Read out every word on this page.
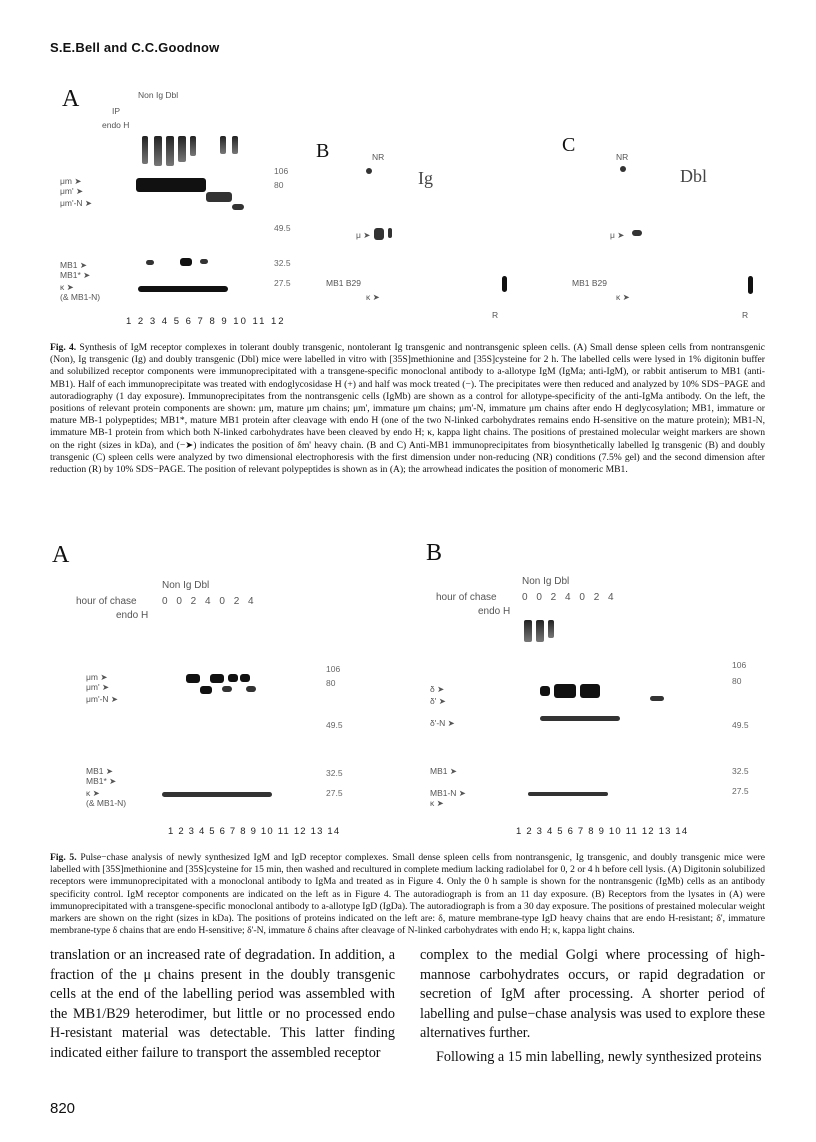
S.E.Bell and C.C.Goodnow
A	Non Ig Dbl
IP
endo H
μm ➤
μm' ➤
μm'-N ➤
MB1 ➤
MB1* ➤
κ ➤
(& MB1-N)
1 2 3 4 5 6 7 8 9 10 11 12
106
80
49.5
32.5
27.5
B	NR
Ig
μ ➤
MB1 B29
κ ➤
R
C
NR
Dbl
μ ➤
MB1 B29
κ ➤
R
Fig. 4. Synthesis of IgM receptor complexes in tolerant doubly transgenic, nontolerant Ig transgenic and nontransgenic spleen cells. (A) Small dense spleen cells from nontransgenic (Non), Ig transgenic (Ig) and doubly transgenic (Dbl) mice were labelled in vitro with [35S]methionine and [35S]cysteine for 2 h. The labelled cells were lysed in 1% digitonin buffer and solubilized receptor components were immunoprecipitated with a transgene-specific monoclonal antibody to a-allotype IgM (IgMa; anti-IgM), or rabbit antiserum to MB1 (anti-MB1). Half of each immunoprecipitate was treated with endoglycosidase H (+) and half was mock treated (−). The precipitates were then reduced and analyzed by 10% SDS−PAGE and autoradiography (1 day exposure). Immunoprecipitates from the nontransgenic cells (IgMb) are shown as a control for allotype-specificity of the anti-IgMa antibody. On the left, the positions of relevant protein components are shown: μm, mature μm chains; μm', immature μm chains; μm'-N, immature μm chains after endo H deglycosylation; MB1, immature or mature MB-1 polypeptides; MB1*, mature MB1 protein after cleavage with endo H (one of the two N-linked carbohydrates remains endo H-sensitive on the mature protein); MB1-N, immature MB-1 protein from which both N-linked carbohydrates have been cleaved by endo H; κ, kappa light chains. The positions of prestained molecular weight markers are shown on the right (sizes in kDa), and (−➤) indicates the position of δm' heavy chain. (B and C) Anti-MB1 immunoprecipitates from biosynthetically labelled Ig transgenic (B) and doubly transgenic (C) spleen cells were analyzed by two dimensional electrophoresis with the first dimension under non-reducing (NR) conditions (7.5% gel) and the second dimension after reduction (R) by 10% SDS−PAGE. The position of relevant polypeptides is shown as in (A); the arrowhead indicates the position of monomeric MB1.
A
Non Ig Dbl
hour of chase	0 0 2 4 0 2 4
endo H
μm ➤
μm' ➤
μm'-N ➤
MB1 ➤
MB1* ➤
κ ➤
(& MB1-N)
106
80
49.5
32.5
27.5
1 2 3 4 5 6 7 8 9 10 11 12 13 14
B
Non Ig Dbl
hour of chase	0 0 2 4 0 2 4
endo H
δ ➤
δ' ➤
δ'-N ➤
MB1 ➤
MB1-N ➤
κ ➤
106
80
49.5
32.5
27.5
1 2 3 4 5 6 7 8 9 10 11 12 13 14
Fig. 5. Pulse−chase analysis of newly synthesized IgM and IgD receptor complexes. Small dense spleen cells from nontransgenic, Ig transgenic, and doubly transgenic mice were labelled with [35S]methionine and [35S]cysteine for 15 min, then washed and recultured in complete medium lacking radiolabel for 0, 2 or 4 h before cell lysis. (A) Digitonin solubilized receptors were immunoprecipitated with a monoclonal antibody to IgMa and treated as in Figure 4. Only the 0 h sample is shown for the nontransgenic (IgMb) cells as an antibody specificity control. IgM receptor components are indicated on the left as in Figure 4. The autoradiograph is from an 11 day exposure. (B) Receptors from the lysates in (A) were immunoprecipitated with a transgene-specific monoclonal antibody to a-allotype IgD (IgDa). The autoradiograph is from a 30 day exposure. The positions of prestained molecular weight markers are shown on the right (sizes in kDa). The positions of proteins indicated on the left are: δ, mature membrane-type IgD heavy chains that are endo H-resistant; δ', immature membrane-type δ chains that are endo H-sensitive; δ'-N, immature δ chains after cleavage of N-linked carbohydrates with endo H; κ, kappa light chains.

translation or an increased rate of degradation. In addition, a fraction of the μ chains present in the doubly transgenic cells at the end of the labelling period was assembled with the MB1/B29 heterodimer, but little or no processed endo H-resistant material was detectable. This latter finding indicated either failure to transport the assembled receptor

complex to the medial Golgi where processing of high-mannose carbohydrates occurs, or rapid degradation or secretion of IgM after processing. A shorter period of labelling and pulse−chase analysis was used to explore these alternatives further.

Following a 15 min labelling, newly synthesized proteins

820
